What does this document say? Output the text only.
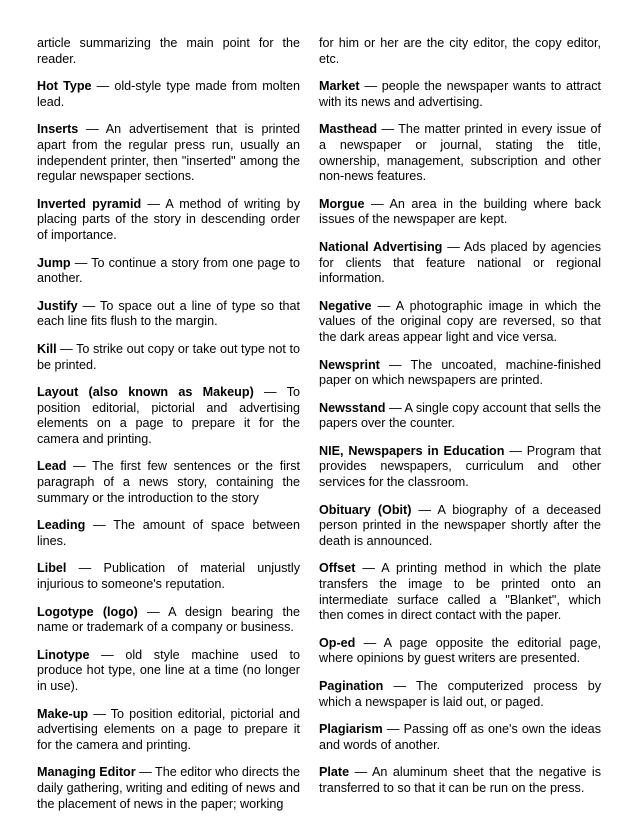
article summarizing the main point for the reader.

Hot Type — old-style type made from molten lead.

Inserts — An advertisement that is printed apart from the regular press run, usually an independent printer, then "inserted" among the regular newspaper sections.

Inverted pyramid — A method of writing by placing parts of the story in descending order of importance.

Jump — To continue a story from one page to another.

Justify — To space out a line of type so that each line fits flush to the margin.

Kill — To strike out copy or take out type not to be printed.

Layout (also known as Makeup) — To position editorial, pictorial and advertising elements on a page to prepare it for the camera and printing.

Lead — The first few sentences or the first paragraph of a news story, containing the summary or the introduction to the story

Leading — The amount of space between lines.

Libel — Publication of material unjustly injurious to someone's reputation.

Logotype (logo) — A design bearing the name or trademark of a company or business.

Linotype — old style machine used to produce hot type, one line at a time (no longer in use).

Make-up — To position editorial, pictorial and advertising elements on a page to prepare it for the camera and printing.

Managing Editor — The editor who directs the daily gathering, writing and editing of news and the placement of news in the paper; working

for him or her are the city editor, the copy editor, etc.

Market — people the newspaper wants to attract with its news and advertising.

Masthead — The matter printed in every issue of a newspaper or journal, stating the title, ownership, management, subscription and other non-news features.

Morgue — An area in the building where back issues of the newspaper are kept.

National Advertising — Ads placed by agencies for clients that feature national or regional information.

Negative — A photographic image in which the values of the original copy are reversed, so that the dark areas appear light and vice versa.

Newsprint — The uncoated, machine-finished paper on which newspapers are printed.

Newsstand — A single copy account that sells the papers over the counter.

NIE, Newspapers in Education — Program that provides newspapers, curriculum and other services for the classroom.

Obituary (Obit) — A biography of a deceased person printed in the newspaper shortly after the death is announced.

Offset — A printing method in which the plate transfers the image to be printed onto an intermediate surface called a "Blanket", which then comes in direct contact with the paper.

Op-ed — A page opposite the editorial page, where opinions by guest writers are presented.

Pagination — The computerized process by which a newspaper is laid out, or paged.

Plagiarism — Passing off as one's own the ideas and words of another.

Plate — An aluminum sheet that the negative is transferred to so that it can be run on the press.
